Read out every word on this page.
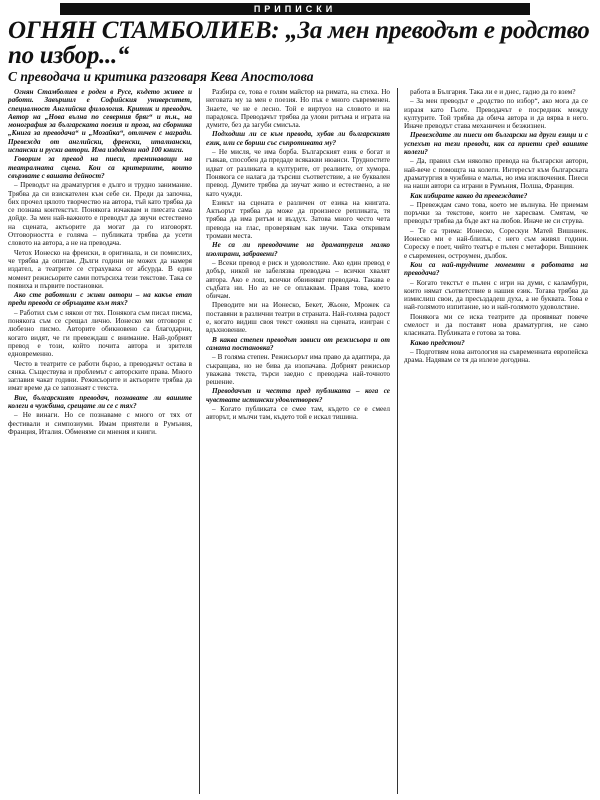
ПРИПИСКИ
ОГНЯН СТАМБОЛИЕВ: „За мен преводът е родство по избор...“
С преводача и критика разговаря Кева Апостолова

Огнян Стамболиев е роден в Русе, където живее и работи. Завършил е Софийския университет, специалност Английска филология. Критик и преводач. Автор на „Нова вълна по северния бряг“ и т.н., на монография за българската поезия и проза, на сборника „Книга за преводача“ и „Мозайка“, отличен с награди. Превежда от английски, френски, италиански, испански и руски автори. Има издадени над 100 книги.

Говорим за превод на пиеси, преминаващи на театралната сцена. Кои са критериите, които свързвате с вашата дейност?

– Преводът на драматургия е дълго и трудно занимание. Трябва да си взискателен към себе си. Преди да започна, бих прочел цялото творчество на автора, тъй като трябва да се познава контекстът. Понякога изчаквам и пиесата сама дойде. За мен най-важното е преводът да звучи естествено на сцената, актьорите да могат да го изговорят. Отговорността е голяма – публиката трябва да усети словото на автора, а не на преводача.

Четох Ионеско на френски, в оригинала, и си помислих, че трябва да опитам. Дълги години не можех да намеря издател, а театрите се страхуваха от абсурда. В един момент режисьорите сами потърсиха тези текстове. Така се появиха и първите постановки.

Ако сте работили с живи автори – на какъв етап преди превода се обръщате към тях?

– Работил съм с някои от тях. Понякога съм писал писма, понякога съм се срещал лично. Ионеско ми отговори с любезно писмо. Авторите обикновено са благодарни, когато видят, че ги превеждаш с внимание. Най-добрият превод е този, който почита автора и зрителя едновременно.

Често в театрите се работи бързо, а преводачът остава в сянка. Съществува и проблемът с авторските права. Много заглавия чакат години. Режисьорите и актьорите трябва да имат време да се запознаят с текста.

Вие, българският преводач, познавате ли вашите колеги в чужбина, срещате ли се с тях?

– Не винаги. Но се познаваме с много от тях от фестивали и симпозиуми. Имам приятели в Румъния, Франция, Италия. Обменяме си мнения и книги.

Разбира се, това е голям майстор на римата, на стиха. Но неговата му за мен е поезия. Но пък е много съвременен. Знаете, че не е лесно. Той е виртуоз на словото и на парадокса. Преводачът трябва да улови ритъма и играта на думите, без да загуби смисъла.

Подходиш ли се към превода, хубав ли българският език, или се бориш със съпротивата му?

– Не мисля, че има борба. Българският език е богат и гъвкав, способен да предаде всякакви нюанси. Трудностите идват от разликата в културите, от реалиите, от хумора. Понякога се налага да търсиш съответствие, а не буквален превод. Думите трябва да звучат живо и естествено, а не като чужди.

Езикът на сцената е различен от езика на книгата. Актьорът трябва да може да произнесе репликата, тя трябва да има ритъм и въздух. Затова много често чета превода на глас, проверявам как звучи. Така откривам тромави места.

Не са ли преводачите на драматургия малко изолирани, забравени?

– Всеки превод е риск и удоволствие. Ако един превод е добър, никой не забелязва преводача – всички хвалят автора. Ако е лош, всички обвиняват преводача. Такава е съдбата ни. Но аз не се оплаквам. Правя това, което обичам.

Преводите ми на Ионеско, Бекет, Жьоне, Мрожек са поставяни в различни театри в страната. Най-голяма радост е, когато видиш своя текст оживял на сцената, изигран с вдъхновение.

В каква степен преводът зависи от режисьора и от самата постановка?

– В голяма степен. Режисьорът има право да адаптира, да съкращава, но не бива да изопачава. Добрият режисьор уважава текста, търси заедно с преводача най-точното решение.

Преводачът и честта пред публиката – кога се чувствате истински удовлетворен?

– Когато публиката се смее там, където се е смеел авторът, и мълчи там, където той е искал тишина.

работа в България. Така ли е и днес, гадно да го взем?

– За мен преводът е „родство по избор“, ако мога да се изразя като Гьоте. Преводачът е посредник между културите. Той трябва да обича автора и да вярва в него. Иначе преводът става механичен и безжизнен.

Превеждате ли пиеси от български на други езици и с успехът на тези преводи, как са приети сред вашите колеги?

– Да, правил съм няколко превода на български автори, най-вече с помощта на колеги. Интересът към българската драматургия в чужбина е малък, но има изключения. Пиеси на наши автори са играни в Румъния, Полша, Франция.

Как избирате какво да превеждате?

– Превеждам само това, което ме вълнува. Не приемам поръчки за текстове, които не харесвам. Смятам, че преводът трябва да бъде акт на любов. Иначе не си струва.

– Те са трима: Ионеско, Сорескуи Матей Вишниек. Ионеско ми е най-близък, с него съм живял години. Сореску е поет, чийто театър е пълен с метафори. Вишниек е съвременен, остроумен, дълбок.

Кои са най-трудните моменти в работата на преводача?

– Когато текстът е пълен с игри на думи, с каламбури, които нямат съответствие в нашия език. Тогава трябва да измислиш свои, да пресъздадеш духа, а не буквата. Това е най-голямото изпитание, но и най-голямото удоволствие.

Понякога ми се иска театрите да проявяват повече смелост и да поставят нова драматургия, не само класиката. Публиката е готова за това.

Какво предстои?

– Подготвям нова антология на съвременната европейска драма. Надявам се тя да излезе догодина.
